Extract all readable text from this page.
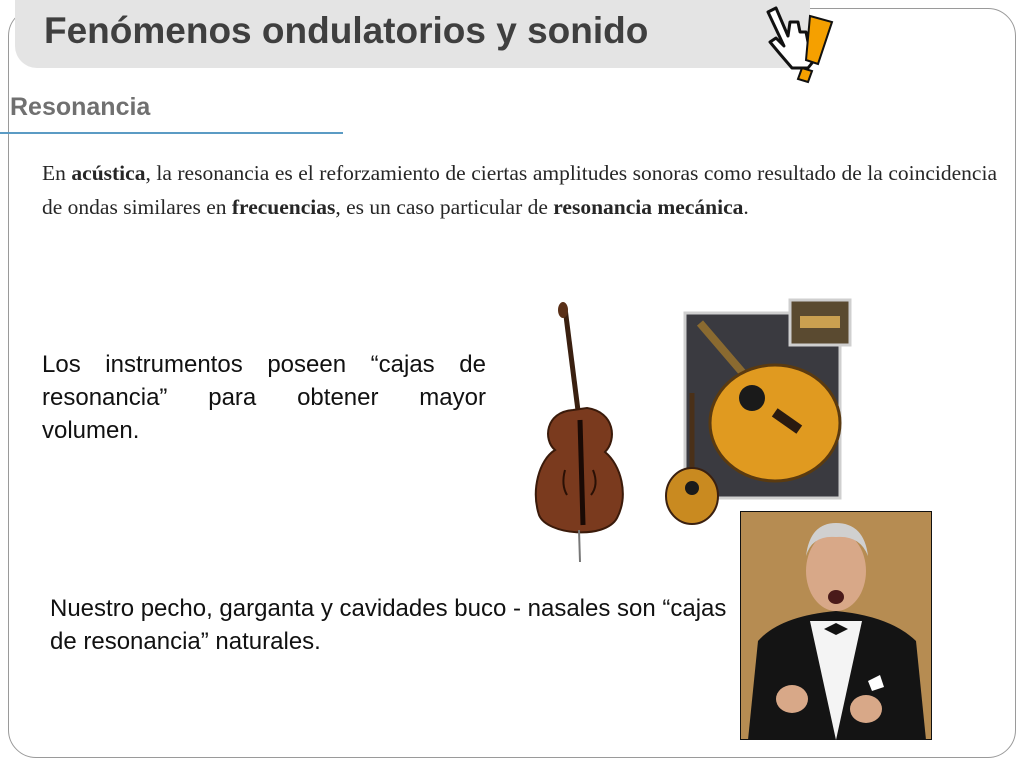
Fenómenos ondulatorios y sonido
Resonancia
En acústica, la resonancia es el reforzamiento de ciertas amplitudes sonoras como resultado de la coincidencia de ondas similares en frecuencias, es un caso particular de resonancia mecánica.
Los instrumentos poseen “cajas de resonancia” para obtener mayor volumen.
Nuestro pecho, garganta y cavidades buco - nasales son “cajas de resonancia” naturales.
